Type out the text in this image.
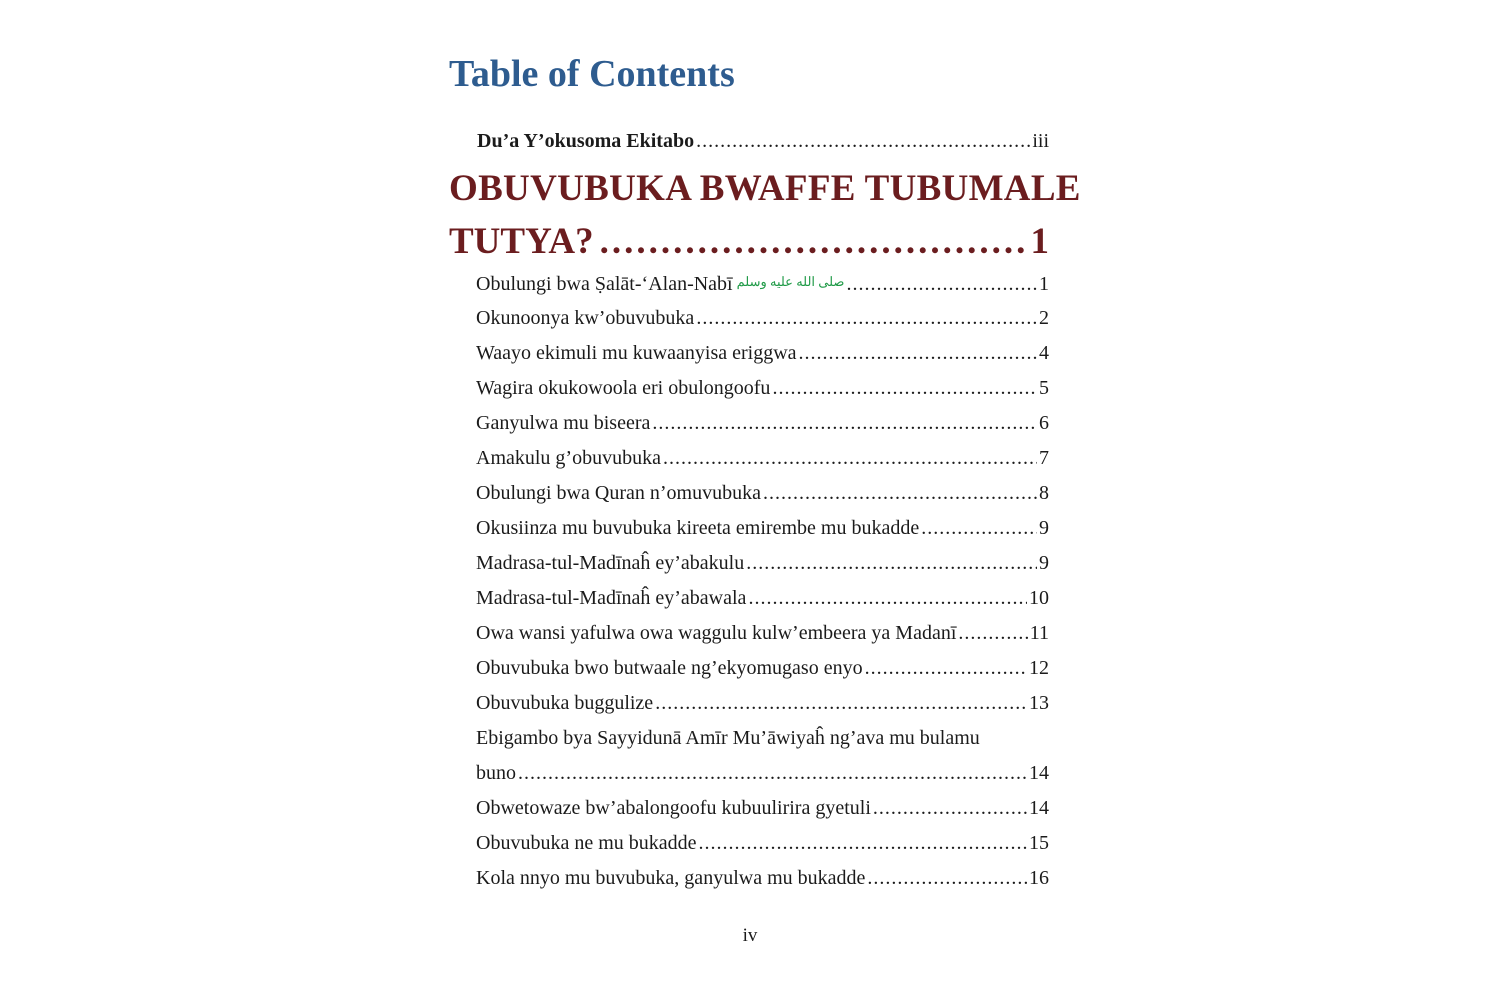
Table of Contents
Du’a Y’okusoma Ekitabo .....	iii
OBUVUBUKA BWAFFE TUBUMALE
TUTYA? .....	1
Obulungi bwa Ṣalāt-‘Alan-Nabī صلى الله عليه وسلم .....	1
Okunoonya kw’obuvubuka .....	2
Waayo ekimuli mu kuwaanyisa eriggwa .....	4
Wagira okukowoola eri obulongoofu .....	5
Ganyulwa mu biseera .....	6
Amakulu g’obuvubuka .....	7
Obulungi bwa Quran n’omuvubuka .....	8
Okusiinza mu buvubuka kireeta emirembe mu bukadde .....	9
Madrasa-tul-Madīnaĥ ey’abakulu .....	9
Madrasa-tul-Madīnaĥ ey’abawala .....	10
Owa wansi yafulwa owa waggulu kulw’embeera ya Madanī .....	11
Obuvubuka bwo butwaale ng’ekyomugaso enyo .....	12
Obuvubuka buggulize .....	13
Ebigambo bya Sayyidunā Amīr Mu’āwiyaĥ ng’ava mu bulamu
buno .....	14
Obwetowaze bw’abalongoofu kubuulirira gyetuli .....	14
Obuvubuka ne mu bukadde .....	15
Kola nnyo mu buvubuka, ganyulwa mu bukadde .....	16

iv
